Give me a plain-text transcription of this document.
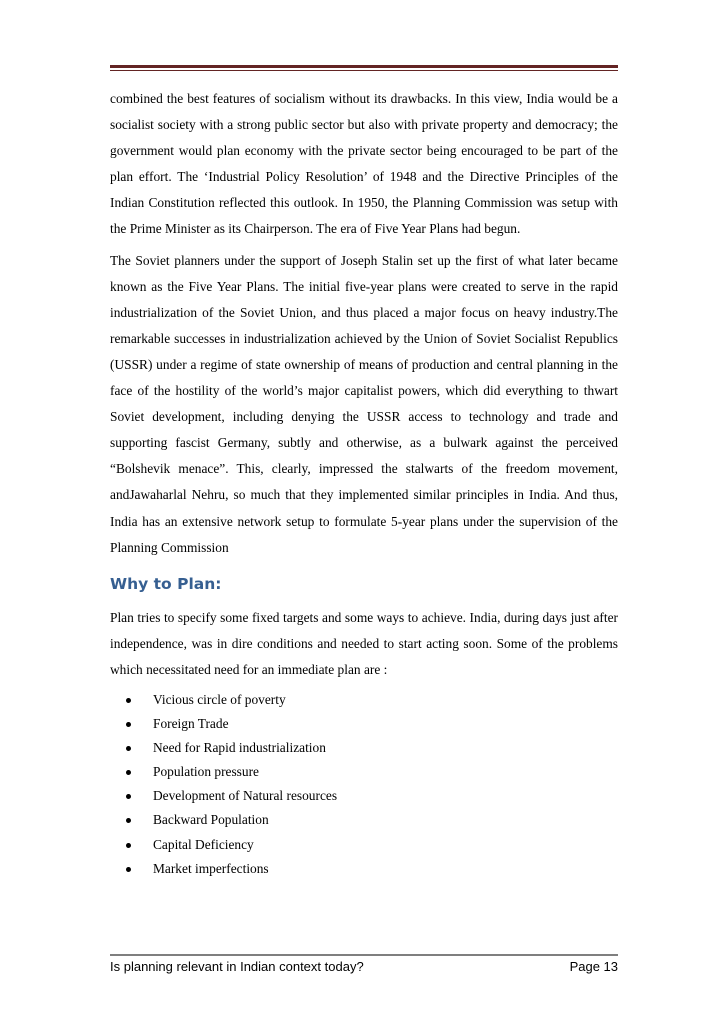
combined the best features of socialism without its drawbacks. In this view, India would be a socialist society with a strong public sector but also with private property and democracy; the government would plan economy with the private sector being encouraged to be part of the plan effort. The ‘Industrial Policy Resolution’ of 1948 and the Directive Principles of the Indian Constitution reflected this outlook. In 1950, the Planning Commission was setup with the Prime Minister as its Chairperson. The era of Five Year Plans had begun.

The Soviet planners under the support of Joseph Stalin set up the first of what later became known as the Five Year Plans. The initial five-year plans were created to serve in the rapid industrialization of the Soviet Union, and thus placed a major focus on heavy industry.The remarkable successes in industrialization achieved by the Union of Soviet Socialist Republics (USSR) under a regime of state ownership of means of production and central planning in the face of the hostility of the world’s major capitalist powers, which did everything to thwart Soviet development, including denying the USSR access to technology and trade and supporting fascist Germany, subtly and otherwise, as a bulwark against the perceived “Bolshevik menace”. This, clearly, impressed the stalwarts of the freedom movement, andJawaharlal Nehru, so much that they implemented similar principles in India. And thus, India has an extensive network setup to formulate 5-year plans under the supervision of the Planning Commission

Why to Plan:

Plan tries to specify some fixed targets and some ways to achieve. India, during days just after independence, was in dire conditions and needed to start acting soon. Some of the problems which necessitated need for an immediate plan are :

Vicious circle of poverty
Foreign Trade
Need for Rapid industrialization
Population pressure
Development of Natural resources
Backward Population
Capital Deficiency
Market imperfections
Is planning relevant in Indian context today?	Page 13
